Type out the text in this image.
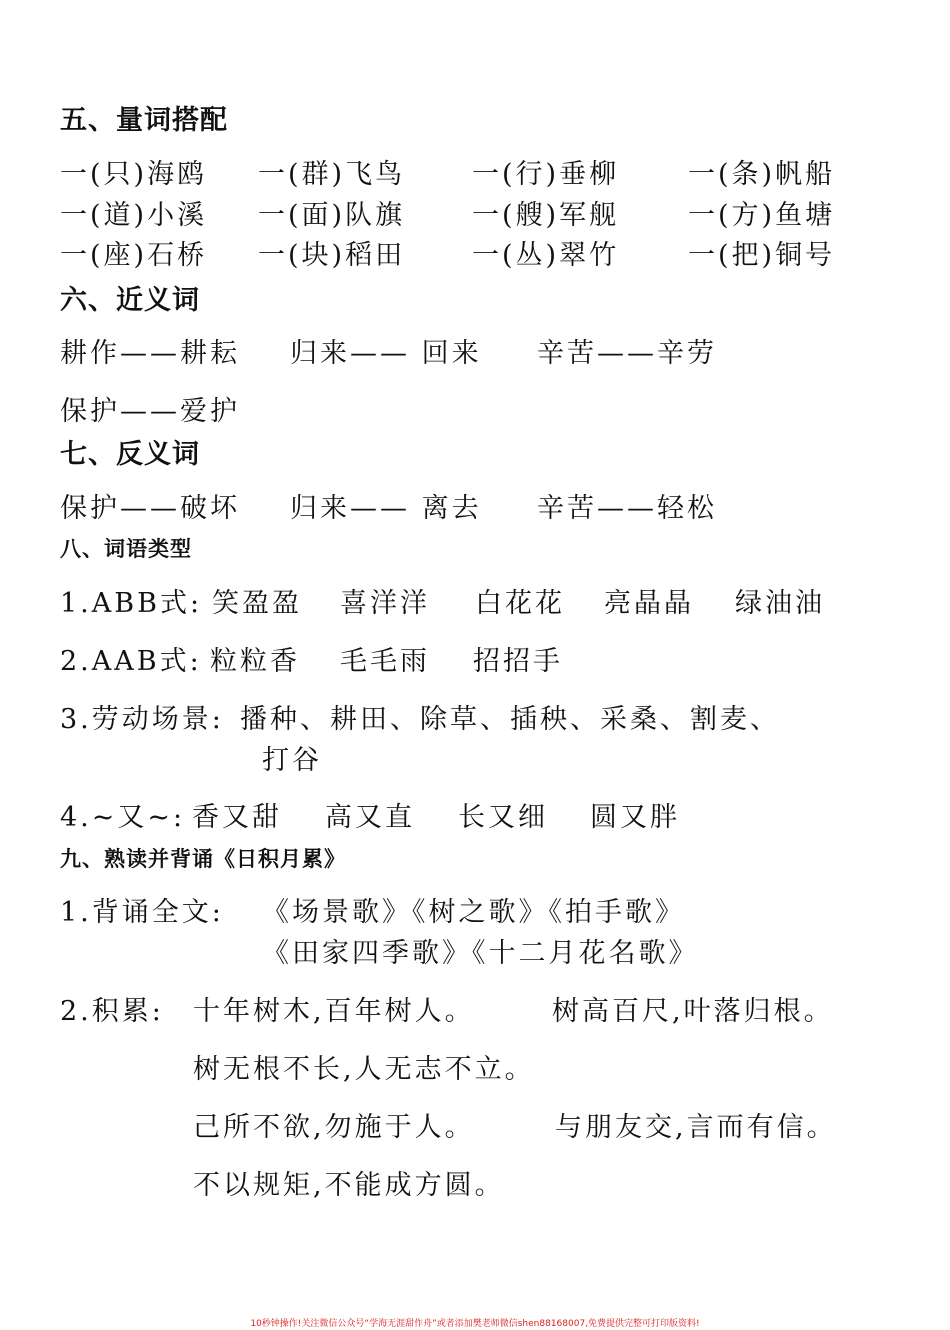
五、量词搭配
一(只)海鸥 一(群)飞鸟 一(行)垂柳	一(条)帆船
一(道)小溪 一(面)队旗 一(艘)军舰	一(方)鱼塘
一(座)石桥 一(块)稻田 一(丛)翠竹	一(把)铜号
六、近义词
耕作——耕耘 归来—— 回来 辛苦——辛劳
保护——爱护
七、反义词
保护——破坏 归来—— 离去 辛苦——轻松
八、词语类型
1.ABB式: 笑盈盈 喜洋洋 白花花 亮晶晶 绿油油
2.AAB式: 粒粒香 毛毛雨 招招手
3.劳动场景: 播种、耕田、除草、插秧、采桑、割麦、
打谷
4.~又~: 香又甜 高又直 长又细 圆又胖
九、熟读并背诵《日积月累》
1.背诵全文: 《场景歌》《树之歌》《拍手歌》
《田家四季歌》《十二月花名歌》
2.积累: 十年树木,百年树人。	树高百尺,叶落归根。
树无根不长,人无志不立。
己所不欲,勿施于人。	与朋友交,言而有信。
不以规矩,不能成方圆。
10秒钟操作!关注微信公众号“学海无涯甜作舟”或者添加樊老师微信shen88168007,免费提供完整可打印版资料!
